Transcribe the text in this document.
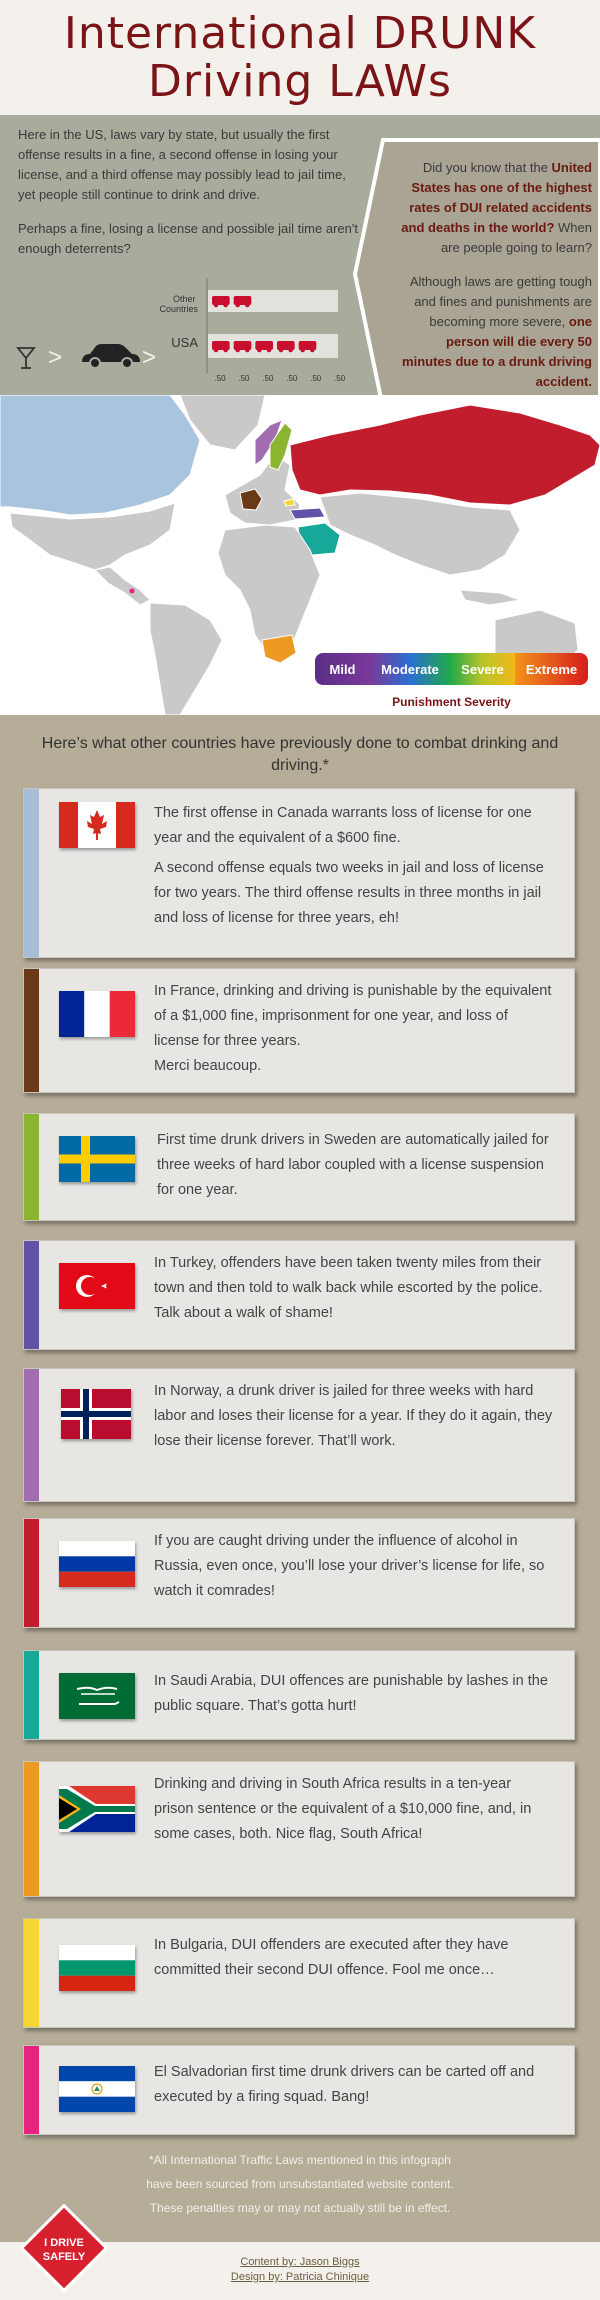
International DRUNK
Driving LAWs

Here in the US, laws vary by state, but usually the first offense results in a fine, a second offense in losing your license, and a third offense may possibly lead to jail time, yet people still continue to drink and drive.

Perhaps a fine, losing a license and possible jail time aren't enough deterrents?

>	>
Other Countries
USA
.50 .50 .50 .50 .50 .50

Did you know that the United States has one of the highest rates of DUI related accidents and deaths in the world? When are people going to learn?

Although laws are getting tough and fines and punishments are becoming more severe, one person will die every 50 minutes due to a drunk driving accident.

Mild	Moderate	Severe	Extreme
Punishment Severity
Here’s what other countries have previously done to combat drinking and driving.*

The first offense in Canada warrants loss of license for one year and the equivalent of a $600 fine.

A second offense equals two weeks in jail and loss of license for two years. The third offense results in three months in jail and loss of license for three years, eh!

In France, drinking and driving is punishable by the equivalent of a $1,000 fine, imprisonment for one year, and loss of license for three years.

Merci beaucoup.

First time drunk drivers in Sweden are automatically jailed for three weeks of hard labor coupled with a license suspension for one year.

In Turkey, offenders have been taken twenty miles from their town and then told to walk back while escorted by the police. Talk about a walk of shame!

In Norway, a drunk driver is jailed for three weeks with hard labor and loses their license for a year. If they do it again, they lose their license forever. That’ll work.

If you are caught driving under the influence of alcohol in Russia, even once, you’ll lose your driver’s license for life, so watch it comrades!

In Saudi Arabia, DUI offences are punishable by lashes in the public square. That’s gotta hurt!

Drinking and driving in South Africa results in a ten-year prison sentence or the equivalent of a $10,000 fine, and, in some cases, both. Nice flag, South Africa!

In Bulgaria, DUI offenders are executed after they have committed their second DUI offence. Fool me once…

El Salvadorian first time drunk drivers can be carted off and executed by a firing squad. Bang!

*All International Traffic Laws mentioned in this infograph
have been sourced from unsubstantiated website content.
These penalties may or may not actually still be in effect.
Content by: Jason Biggs
Design by: Patricia Chinique
I DRIVE
SAFELY
